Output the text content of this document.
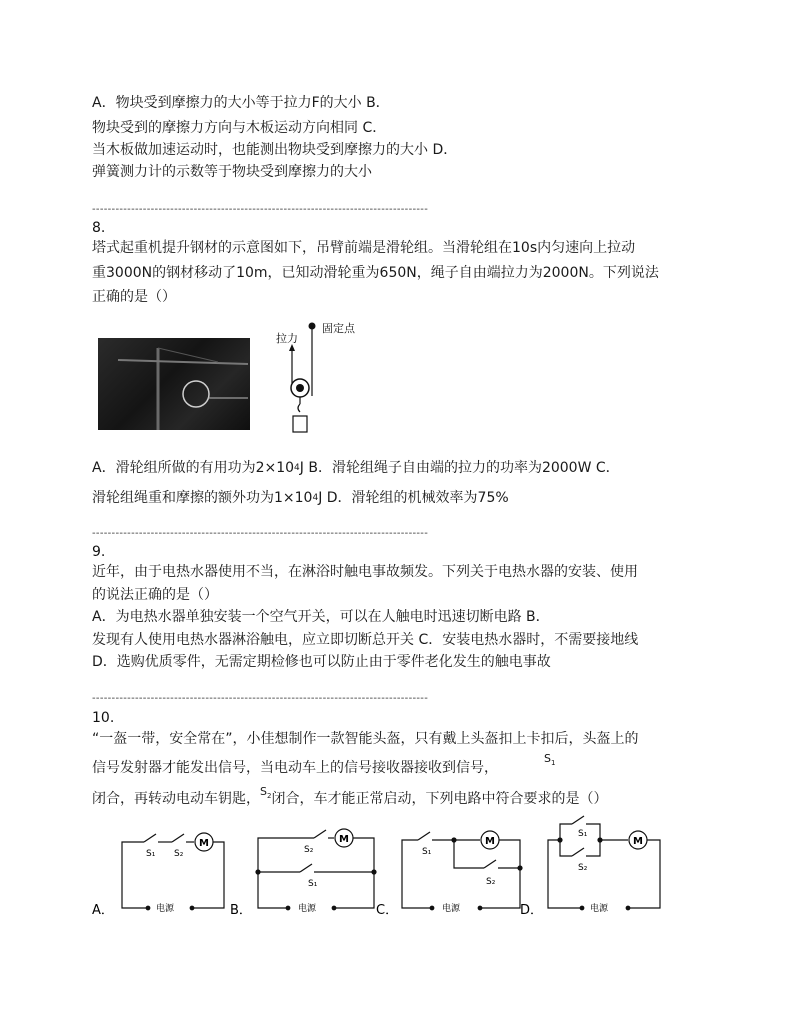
A．物块受到摩擦力的大小等于拉力F的大小 B．
物块受到的摩擦力方向与木板运动方向相同 C．
当木板做加速运动时，也能测出物块受到摩擦力的大小 D．
弹簧测力计的示数等于物块受到摩擦力的大小
--------------------------------------------------------------------------------------
8.
塔式起重机提升钢材的示意图如下，吊臂前端是滑轮组。当滑轮组在10s内匀速向上拉动
重3000N的钢材移动了10m，已知动滑轮重为650N，绳子自由端拉力为2000N。下列说法
正确的是（）
拉力
固定点
A．滑轮组所做的有用功为$2\times 10^4J$ B．滑轮组绳子自由端的拉力的功率为2000W C．
滑轮组绳重和摩擦的额外功为$1\times 10^4J$ D．滑轮组的机械效率为75%
--------------------------------------------------------------------------------------
9.
近年，由于电热水器使用不当，在淋浴时触电事故频发。下列关于电热水器的安装、使用
的说法正确的是（）
A．为电热水器单独安装一个空气开关，可以在人触电时迅速切断电路 B．
发现有人使用电热水器淋浴触电，应立即切断总开关 C．安装电热水器时，不需要接地线
D．选购优质零件，无需定期检修也可以防止由于零件老化发生的触电事故
--------------------------------------------------------------------------------------
10.
“一盔一带，安全常在”，小佳想制作一款智能头盔，只有戴上头盔扣上卡扣后，头盔上的
信号发射器才能发出信号，当电动车上的信号接收器接收到信号，
$S_1$
闭合，再转动电动车钥匙，$^{S_2}$闭合，车才能正常启动，下列电路中符合要求的是（）
M
S₁ S₂
电源
A．
M
S₂
S₁
电源
B．
M
S₁
S₂
电源
C．
M
S₁
S₂
电源
D．
